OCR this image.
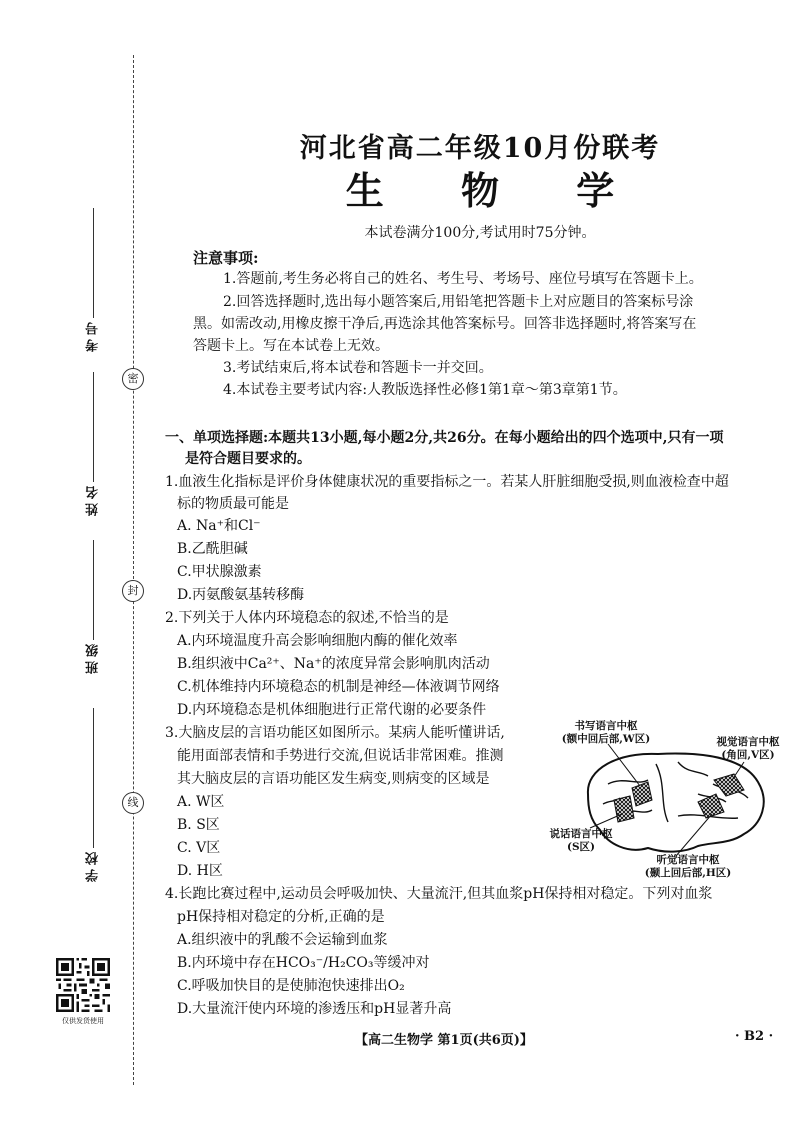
密
封
线
考号
姓名
班级
学校
仅供发货使用
河北省高二年级10月份联考
生 物 学
本试卷满分100分,考试用时75分钟。
注意事项:
1.答题前,考生务必将自己的姓名、考生号、考场号、座位号填写在答题卡上。
2.回答选择题时,选出每小题答案后,用铅笔把答题卡上对应题目的答案标号涂
黑。如需改动,用橡皮擦干净后,再选涂其他答案标号。回答非选择题时,将答案写在
答题卡上。写在本试卷上无效。
3.考试结束后,将本试卷和答题卡一并交回。
4.本试卷主要考试内容:人教版选择性必修1第1章～第3章第1节。
一、单项选择题:本题共13小题,每小题2分,共26分。在每小题给出的四个选项中,只有一项
是符合题目要求的。
1.血液生化指标是评价身体健康状况的重要指标之一。若某人肝脏细胞受损,则血液检查中超
标的物质最可能是
A. Na⁺和Cl⁻
B.乙酰胆碱
C.甲状腺激素
D.丙氨酸氨基转移酶
2.下列关于人体内环境稳态的叙述,不恰当的是
A.内环境温度升高会影响细胞内酶的催化效率
B.组织液中Ca²⁺、Na⁺的浓度异常会影响肌肉活动
C.机体维持内环境稳态的机制是神经—体液调节网络
D.内环境稳态是机体细胞进行正常代谢的必要条件
3.大脑皮层的言语功能区如图所示。某病人能听懂讲话,
能用面部表情和手势进行交流,但说话非常困难。推测
其大脑皮层的言语功能区发生病变,则病变的区域是
A. W区
B. S区
C. V区
D. H区
书写语言中枢
(额中回后部,W区)	视觉语言中枢
(角回,V区)
说话语言中枢
(S区)
听觉语言中枢
(颞上回后部,H区)
4.长跑比赛过程中,运动员会呼吸加快、大量流汗,但其血浆pH保持相对稳定。下列对血浆
pH保持相对稳定的分析,正确的是
A.组织液中的乳酸不会运输到血浆
B.内环境中存在HCO₃⁻/H₂CO₃等缓冲对
C.呼吸加快目的是使肺泡快速排出O₂
D.大量流汗使内环境的渗透压和pH显著升高
【高二生物学 第1页(共6页)】	· B2 ·
